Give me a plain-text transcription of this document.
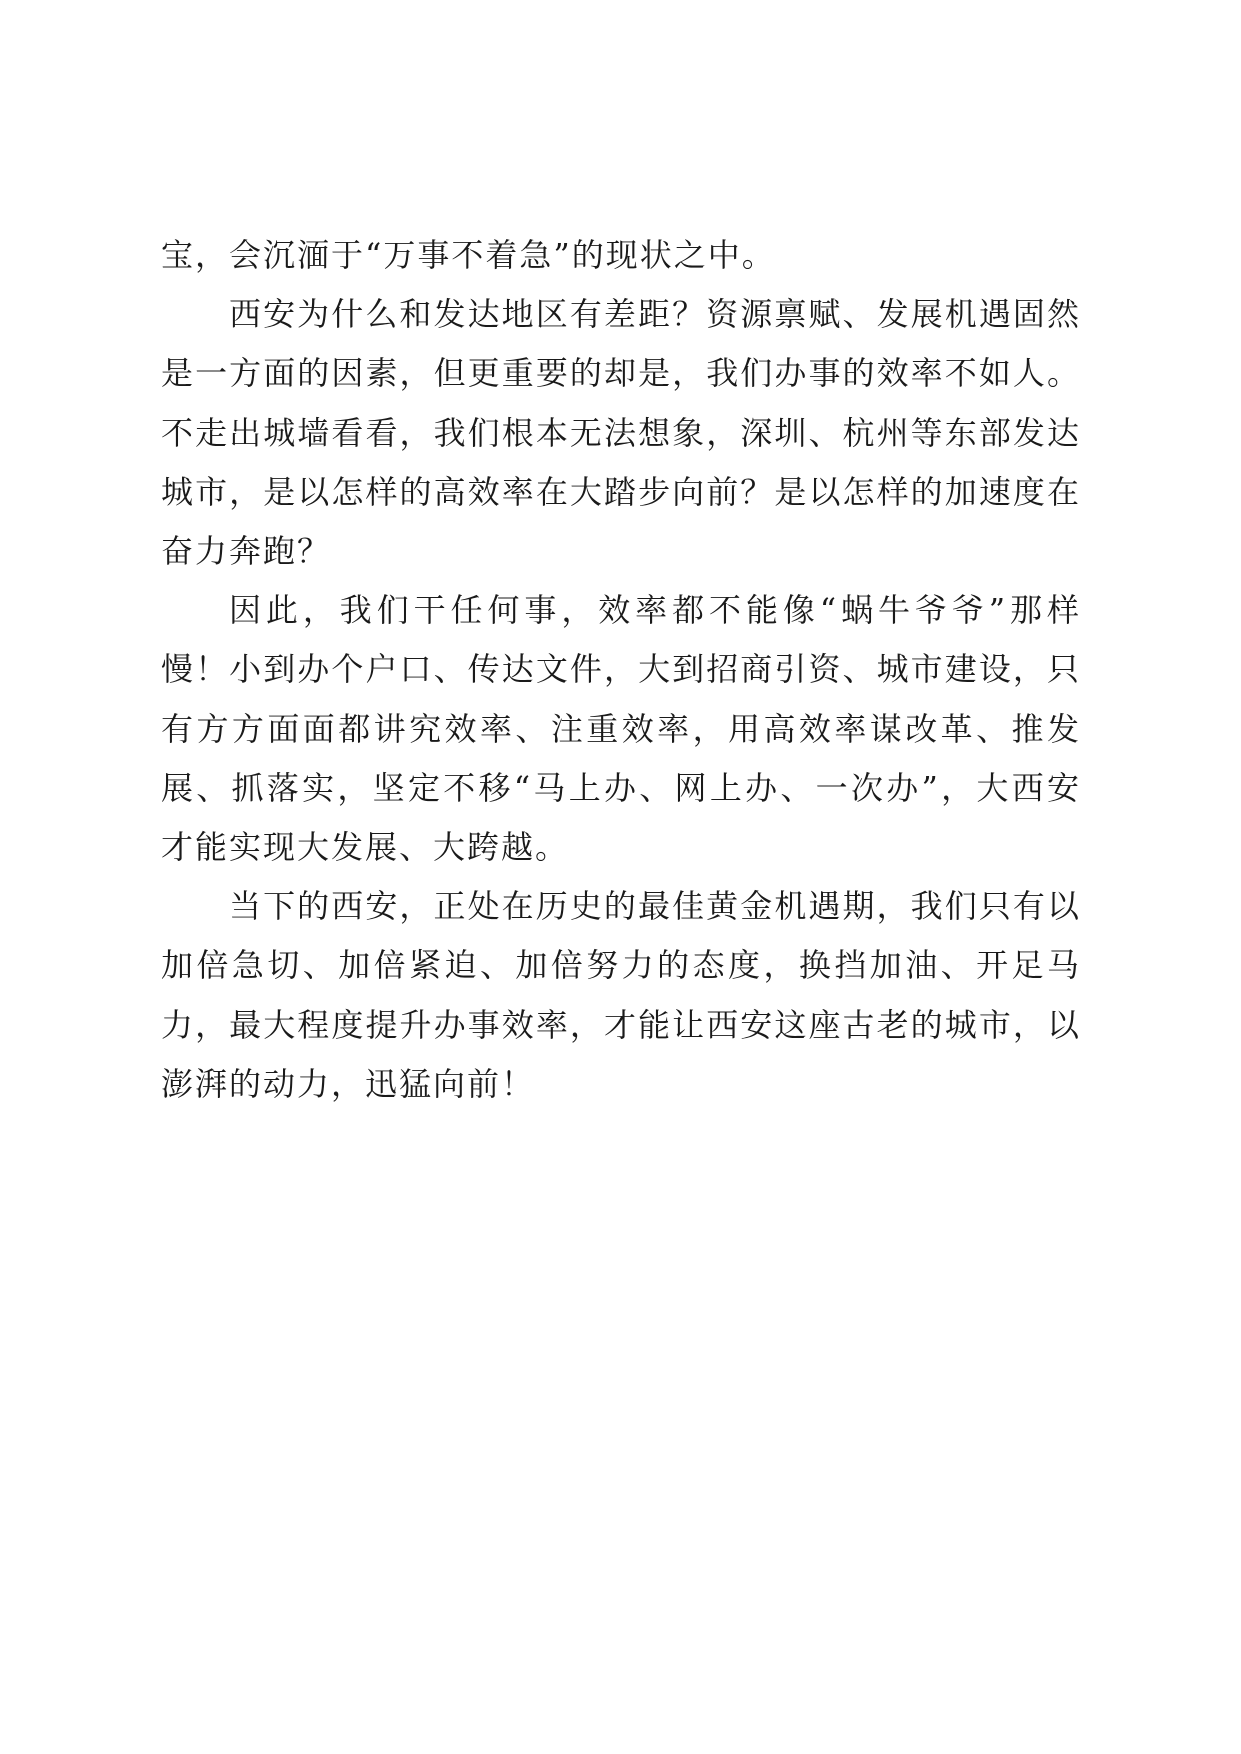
宝，会沉湎于“万事不着急”的现状之中。

西安为什么和发达地区有差距？资源禀赋、发展机遇固然是一方面的因素，但更重要的却是，我们办事的效率不如人。不走出城墙看看，我们根本无法想象，深圳、杭州等东部发达城市，是以怎样的高效率在大踏步向前？是以怎样的加速度在奋力奔跑？

因此，我们干任何事，效率都不能像“蜗牛爷爷”那样慢！小到办个户口、传达文件，大到招商引资、城市建设，只有方方面面都讲究效率、注重效率，用高效率谋改革、推发展、抓落实，坚定不移“马上办、网上办、一次办”，大西安才能实现大发展、大跨越。

当下的西安，正处在历史的最佳黄金机遇期，我们只有以加倍急切、加倍紧迫、加倍努力的态度，换挡加油、开足马力，最大程度提升办事效率，才能让西安这座古老的城市，以澎湃的动力，迅猛向前！
